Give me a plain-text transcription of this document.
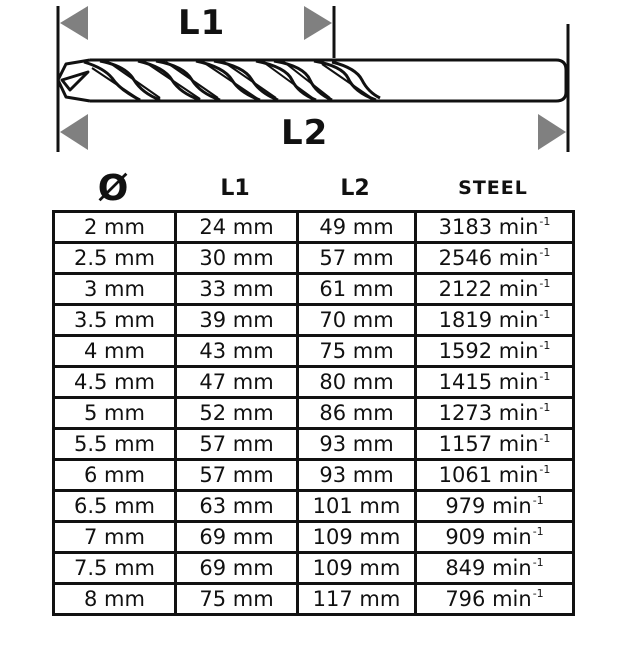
L1
L2
Ø	L1	L2	STEEL
2 mm	24 mm	49 mm	3183 $\min^{-1}$
2.5 mm	30 mm	57 mm	2546 $\min^{-1}$
3 mm	33 mm	61 mm	2122 $\min^{-1}$
3.5 mm	39 mm	70 mm	1819 $\min^{-1}$
4 mm	43 mm	75 mm	1592 $\min^{-1}$
4.5 mm	47 mm	80 mm	1415 $\min^{-1}$
5 mm	52 mm	86 mm	1273 $\min^{-1}$
5.5 mm	57 mm	93 mm	1157 $\min^{-1}$
6 mm	57 mm	93 mm	1061 $\min^{-1}$
6.5 mm	63 mm	101 mm	979 $\min^{-1}$
7 mm	69 mm	109 mm	909 $\min^{-1}$
7.5 mm	69 mm	109 mm	849 $\min^{-1}$
8 mm	75 mm	117 mm	796 $\min^{-1}$
